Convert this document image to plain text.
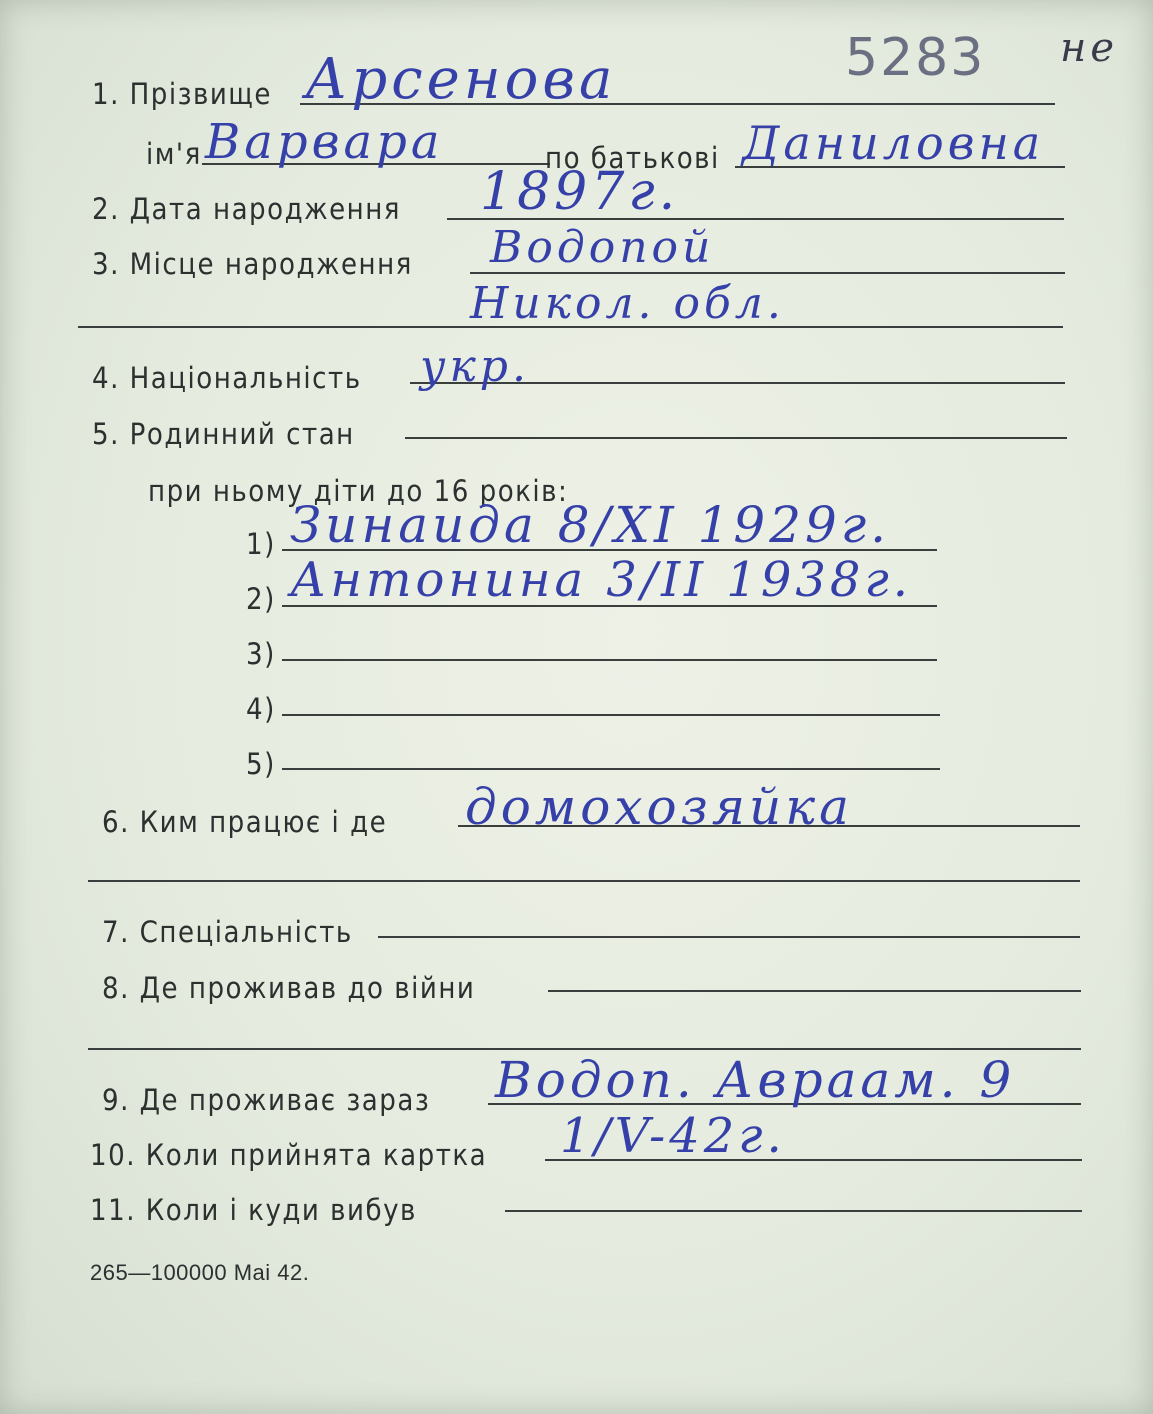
5283 не
1. Прізвище Арсенова
ім'я Варвара	по батькові Даниловна
2. Дата народження 1897г.
3. Місце народження Водопой
Никол. обл.
4. Національність укр.
5. Родинний стан
при ньому діти до 16 років:
1) Зинаида 8/XI 1929г.
2) Антонина 3/II 1938г.
3)
4)
5)
6. Ким працює і де домохозяйка
7. Спеціальність
8. Де проживав до війни
9. Де проживає зараз Водоп. Авраам. 9
10. Коли прийнята картка 1/V-42г.
11. Коли і куди вибув
265—100000 Mai 42.
